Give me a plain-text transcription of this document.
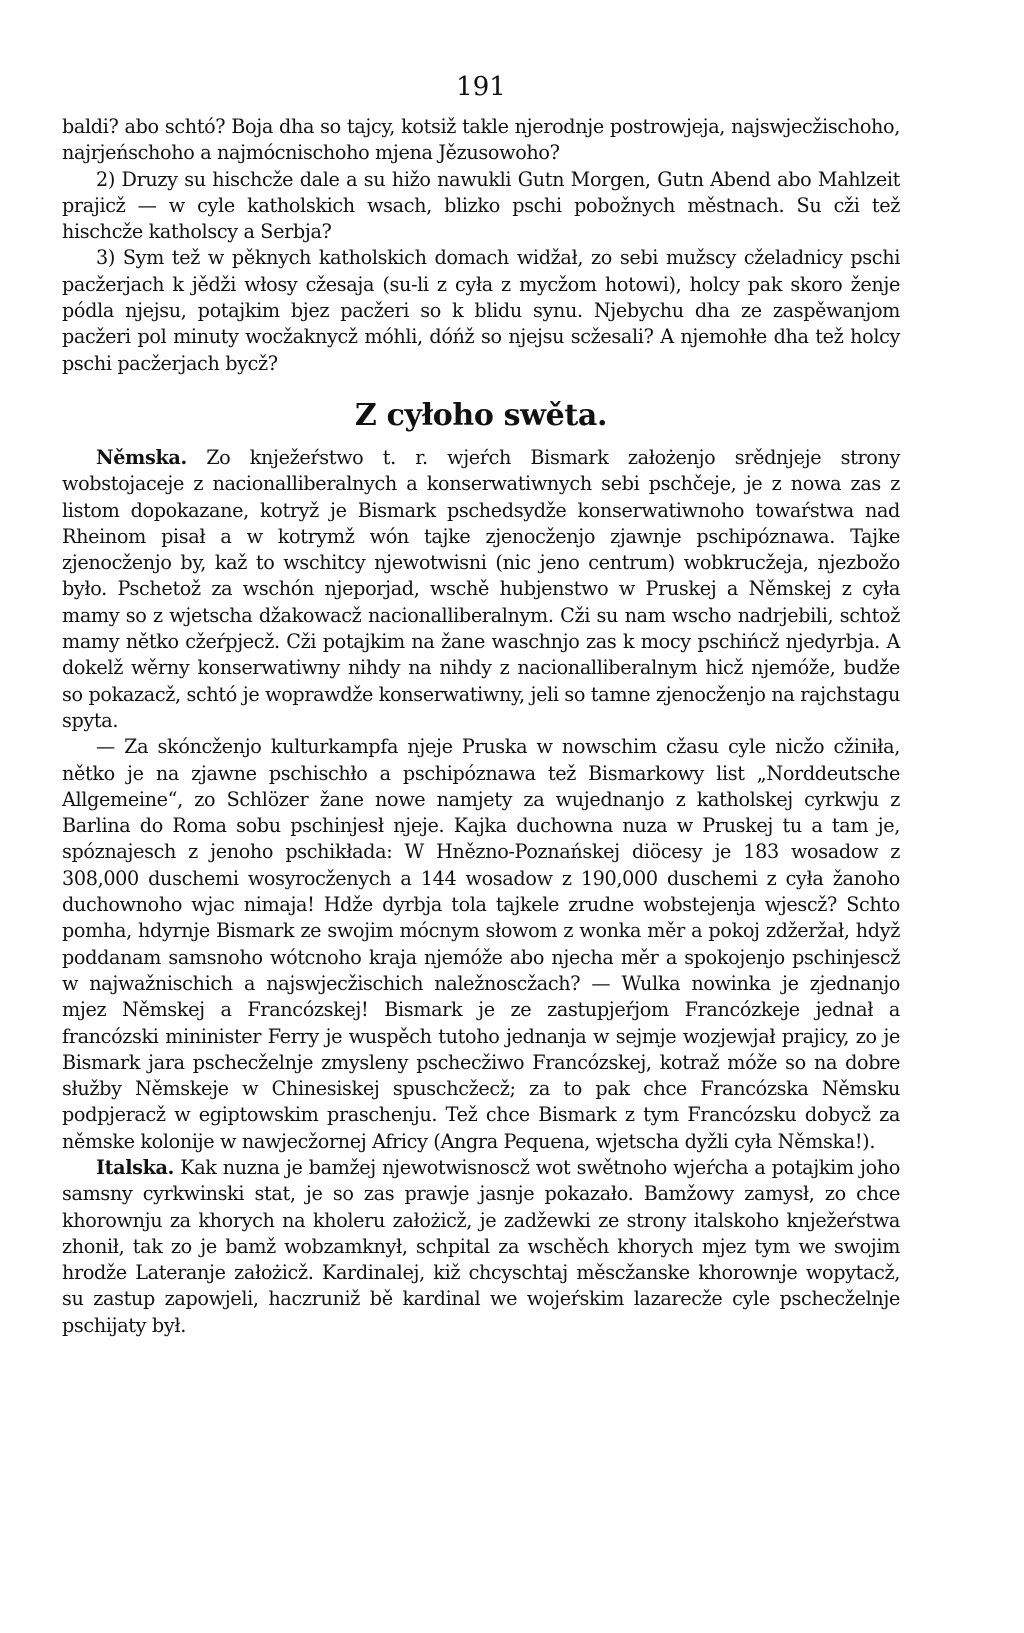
191

baldi? abo schtó? Boja dha so tajcy, kotsiž takle njerodnje postrowjeja, najswjecžischoho, najrjeńschoho a najmócnischoho mjena Jězusowoho?

2) Druzy su hischcže dale a su hižo nawukli Gutn Morgen, Gutn Abend abo Mahlzeit prajicž — w cyle katholskich wsach, blizko pschi pobožnych městnach. Su cži tež hischcže katholscy a Serbja?

3) Sym tež w pěknych katholskich domach widžał, zo sebi mužscy cželadnicy pschi pacžerjach k jědži włosy cžesaja (su-li z cyła z mycžom hotowi), holcy pak skoro ženje pódla njejsu, potajkim bjez pacžeri so k blidu synu. Njebychu dha ze zaspěwanjom pacžeri pol minuty wocžaknycž móhli, dóńž so njejsu scžesali? A njemohłe dha tež holcy pschi pacžerjach bycž?

Z cyłoho swěta.

Němska. Zo knježeŕstwo t. r. wjeŕch Bismark założenjo srědnjeje strony wobstojaceje z nacionalliberalnych a konserwatiwnych sebi pschčeje, je z nowa zas z listom dopokazane, kotryž je Bismark pschedsydže konserwatiwnoho towaŕstwa nad Rheinom pisał a w kotrymž wón tajke zjenocženjo zjawnje pschipóznawa. Tajke zjenocženjo by, kaž to wschitcy njewotwisni (nic jeno centrum) wobkrucžeja, njezbožo było. Pschetož za wschón njeporjad, wschě hubjenstwo w Pruskej a Němskej z cyła mamy so z wjetscha džakowacž nacionalliberalnym. Cži su nam wscho nadrjebili, schtož mamy nětko cžeŕpjecž. Cži potajkim na žane waschnjo zas k mocy pschińcž njedyrbja. A dokelž wěrny konserwatiwny nihdy na nihdy z nacionalliberalnym hicž njemóže, budže so pokazacž, schtó je woprawdže konserwatiwny, jeli so tamne zjenocženjo na rajchstagu spyta.

— Za skóncženjo kulturkampfa njeje Pruska w nowschim cžasu cyle nicžo cžiniła, nětko je na zjawne pschischło a pschipóznawa tež Bismarkowy list „Norddeutsche Allgemeine“, zo Schlözer žane nowe namjety za wujednanjo z katholskej cyrkwju z Barlina do Roma sobu pschinjesł njeje. Kajka duchowna nuza w Pruskej tu a tam je, spóznajesch z jenoho pschikłada: W Hnězno-Poznańskej diöcesy je 183 wosadow z 308,000 duschemi wosyrocženych a 144 wosadow z 190,000 duschemi z cyła žanoho duchownoho wjac nimaja! Hdže dyrbja tola tajkele zrudne wobstejenja wjescž? Schto pomha, hdyrnje Bismark ze swojim mócnym słowom z wonka měr a pokoj zdžeržał, hdyž poddanam samsnoho wótcnoho kraja njemóže abo njecha měr a spokojenjo pschinjescž w najwažnischich a najswjecžischich naležnoscžach? — Wulka nowinka je zjednanjo mjez Němskej a Francózskej! Bismark je ze zastupjeŕjom Francózkeje jednał a francózski mininister Ferry je wuspěch tutoho jednanja w sejmje wozjewjał prajicy, zo je Bismark jara pschecželnje zmysleny pschecžiwo Francózskej, kotraž móže so na dobre słužby Němskeje w Chinesiskej spuschcžecž; za to pak chce Francózska Němsku podpjeracž w egiptowskim praschenju. Tež chce Bismark z tym Francózsku dobycž za němske kolonije w nawjecžornej Africy (Angra Pequena, wjetscha dyžli cyła Němska!).

Italska. Kak nuzna je bamžej njewotwisnoscž wot swětnoho wjeŕcha a potajkim joho samsny cyrkwinski stat, je so zas prawje jasnje pokazało. Bamžowy zamysł, zo chce khorownju za khorych na kholeru założicž, je zadžewki ze strony italskoho knježeŕstwa zhonił, tak zo je bamž wobzamknył, schpital za wschěch khorych mjez tym we swojim hrodže Lateranje założicž. Kardinalej, kiž chcyschtaj měscžanske khorownje wopytacž, su zastup zapowjeli, haczruniž bě kardinal we wojeŕskim lazarecže cyle pschecželnje pschijaty był.
